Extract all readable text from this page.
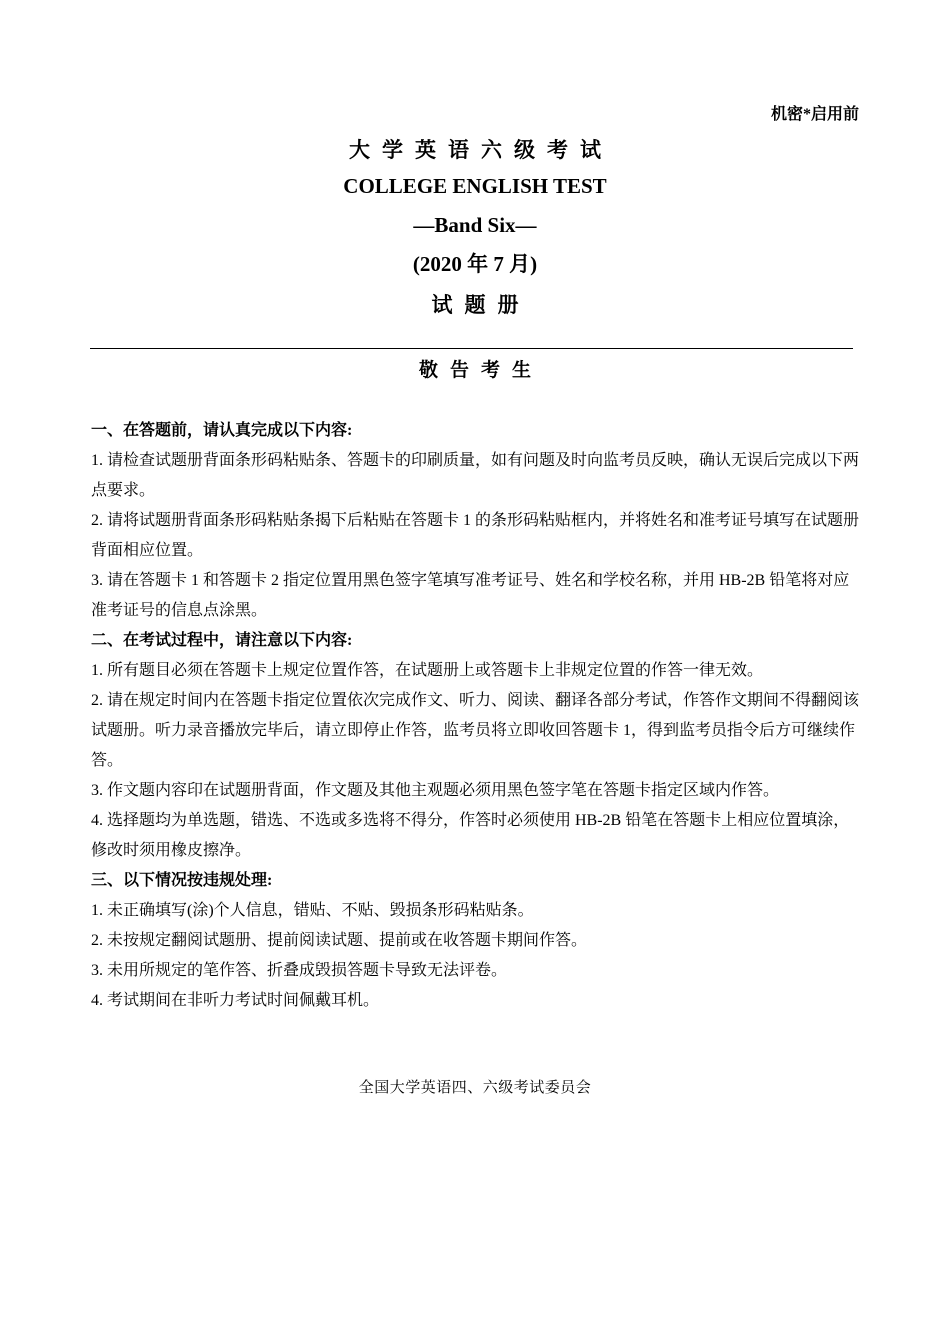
机密*启用前
大学英语六级考试
COLLEGE ENGLISH TEST
—Band Six—
(2020 年 7 月)
试题册
敬告考生

一、在答题前，请认真完成以下内容:

1. 请检查试题册背面条形码粘贴条、答题卡的印刷质量，如有问题及时向监考员反映，确认无误后完成以下两点要求。

2. 请将试题册背面条形码粘贴条揭下后粘贴在答题卡 1 的条形码粘贴框内，并将姓名和准考证号填写在试题册背面相应位置。

3. 请在答题卡 1 和答题卡 2 指定位置用黑色签字笔填写准考证号、姓名和学校名称，并用 HB-2B 铅笔将对应准考证号的信息点涂黑。

二、在考试过程中，请注意以下内容:

1. 所有题目必须在答题卡上规定位置作答，在试题册上或答题卡上非规定位置的作答一律无效。

2. 请在规定时间内在答题卡指定位置依次完成作文、听力、阅读、翻译各部分考试，作答作文期间不得翻阅该试题册。听力录音播放完毕后，请立即停止作答，监考员将立即收回答题卡 1，得到监考员指令后方可继续作答。

3. 作文题内容印在试题册背面，作文题及其他主观题必须用黑色签字笔在答题卡指定区域内作答。

4. 选择题均为单选题，错选、不选或多选将不得分，作答时必须使用 HB-2B 铅笔在答题卡上相应位置填涂，修改时须用橡皮擦净。

三、以下情况按违规处理:

1. 未正确填写(涂)个人信息，错贴、不贴、毁损条形码粘贴条。

2. 未按规定翻阅试题册、提前阅读试题、提前或在收答题卡期间作答。

3. 未用所规定的笔作答、折叠成毁损答题卡导致无法评卷。

4. 考试期间在非听力考试时间佩戴耳机。

全国大学英语四、六级考试委员会
